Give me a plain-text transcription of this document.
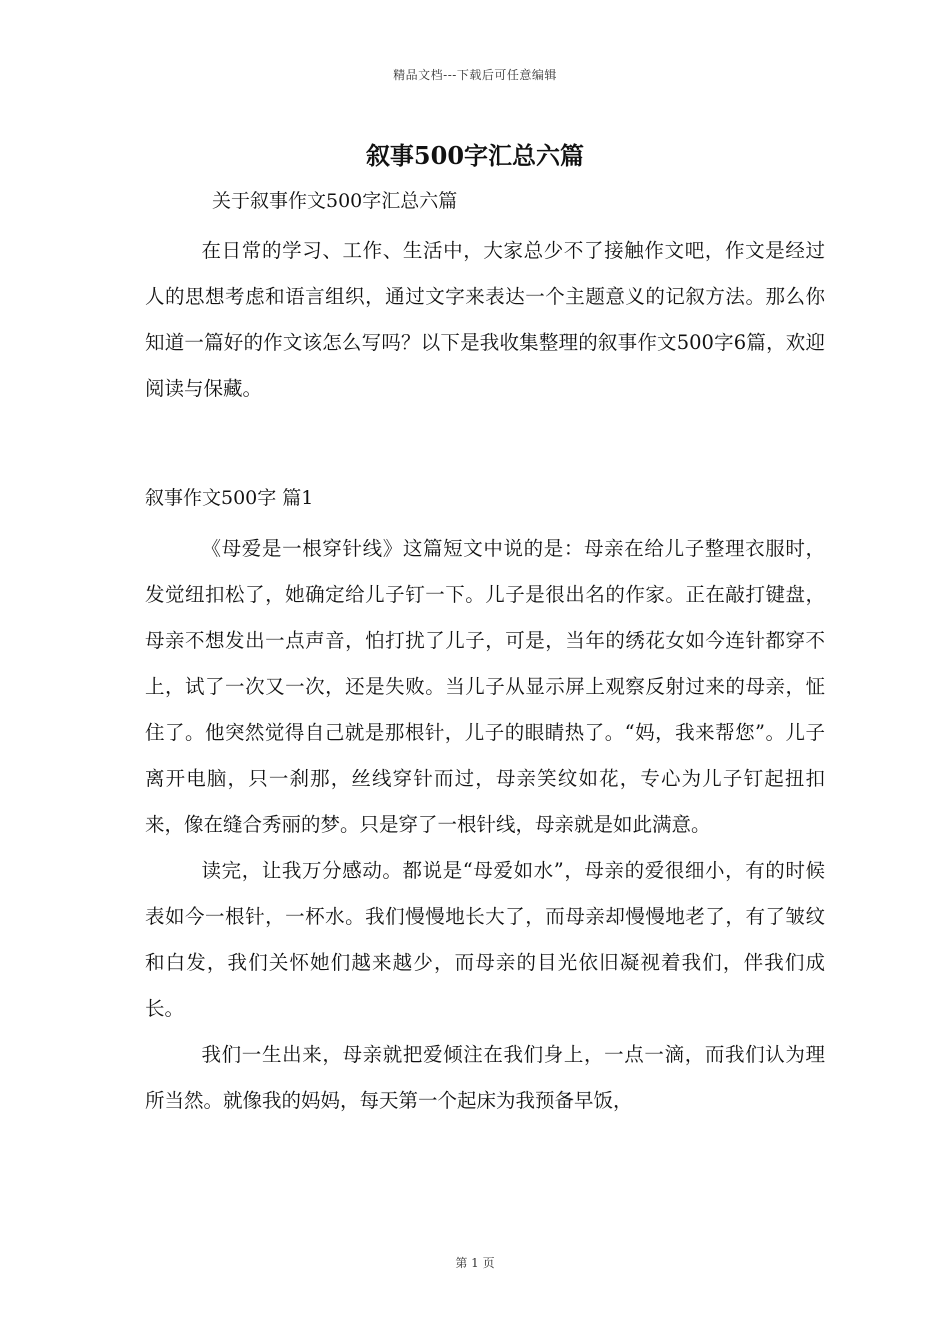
精品文档---下载后可任意编辑
叙事500字汇总六篇
关于叙事作文500字汇总六篇

在日常的学习、工作、生活中，大家总少不了接触作文吧，作文是经过人的思想考虑和语言组织，通过文字来表达一个主题意义的记叙方法。那么你知道一篇好的作文该怎么写吗？以下是我收集整理的叙事作文500字6篇，欢迎阅读与保藏。

叙事作文500字 篇1

《母爱是一根穿针线》这篇短文中说的是：母亲在给儿子整理衣服时，发觉纽扣松了，她确定给儿子钉一下。儿子是很出名的作家。正在敲打键盘，母亲不想发出一点声音，怕打扰了儿子，可是，当年的绣花女如今连针都穿不上，试了一次又一次，还是失败。当儿子从显示屏上观察反射过来的母亲，怔住了。他突然觉得自己就是那根针，儿子的眼睛热了。“妈，我来帮您”。儿子离开电脑，只一刹那，丝线穿针而过，母亲笑纹如花，专心为儿子钉起扭扣来，像在缝合秀丽的梦。只是穿了一根针线，母亲就是如此满意。

读完，让我万分感动。都说是“母爱如水”，母亲的爱很细小，有的时候表如今一根针，一杯水。我们慢慢地长大了，而母亲却慢慢地老了，有了皱纹和白发，我们关怀她们越来越少，而母亲的目光依旧凝视着我们，伴我们成长。

我们一生出来，母亲就把爱倾注在我们身上，一点一滴，而我们认为理所当然。就像我的妈妈，每天第一个起床为我预备早饭，

第 1 页
